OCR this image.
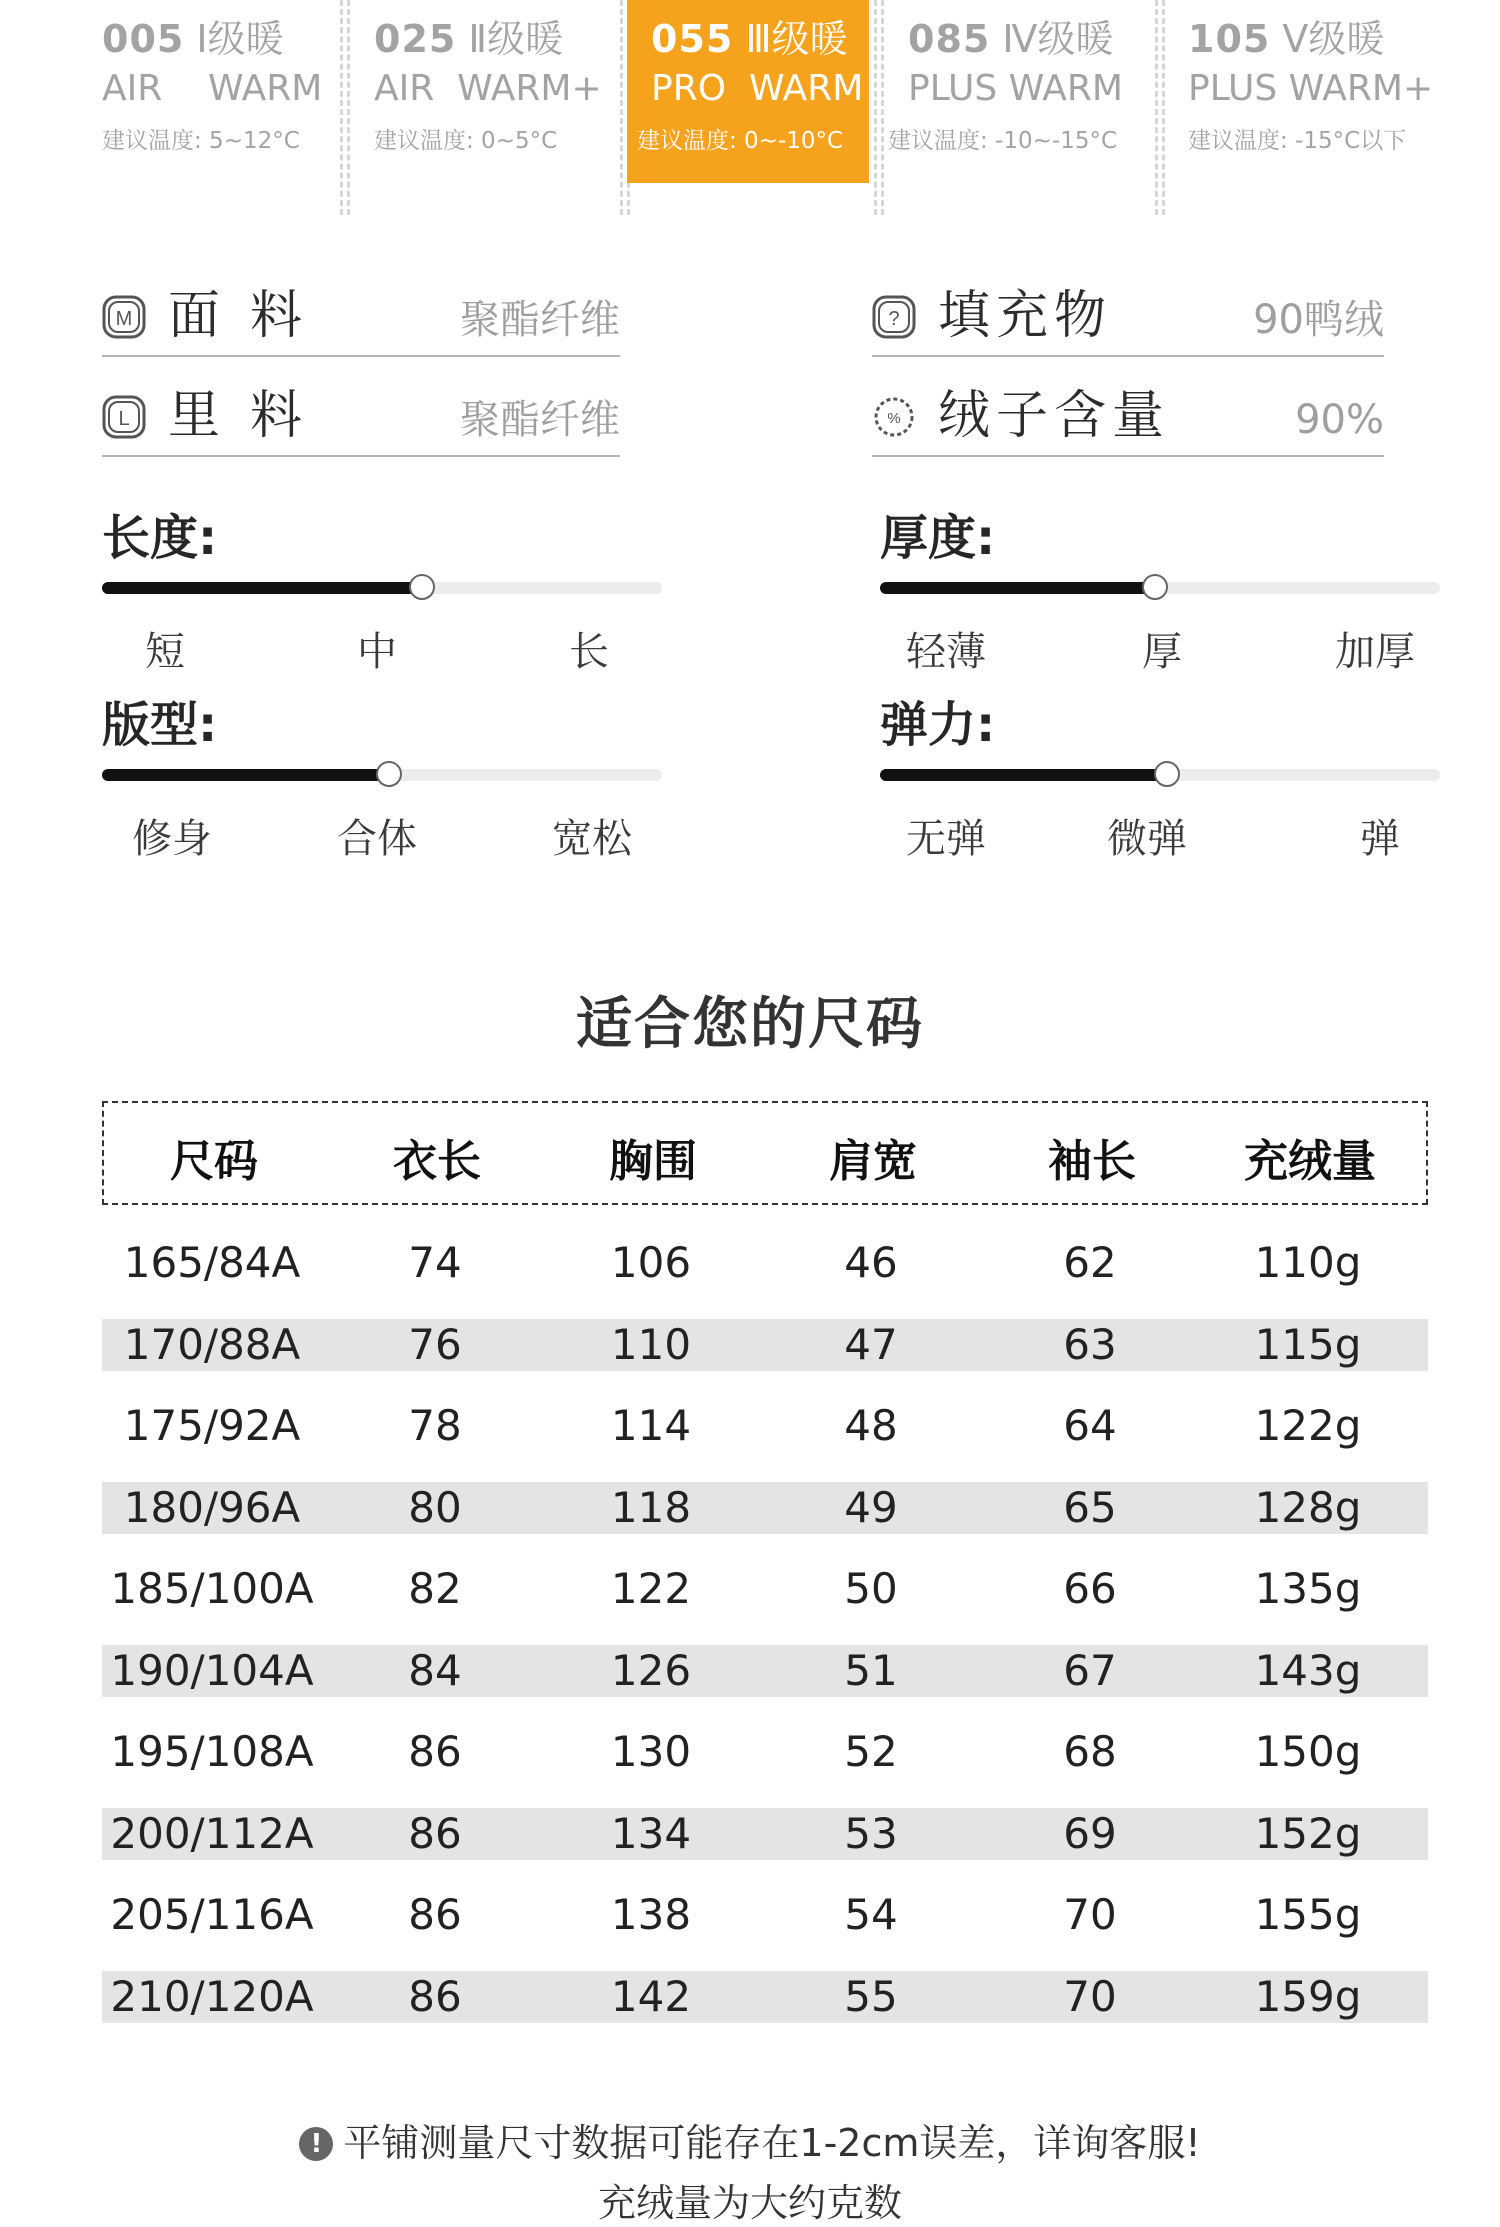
005 Ⅰ级暖
AIR    WARM
建议温度: 5~12°C
025 Ⅱ级暖
AIR  WARM+
建议温度: 0~5°C
055 Ⅲ级暖
PRO  WARM
建议温度: 0~-10°C
085 Ⅳ级暖
PLUS WARM
建议温度: -10~-15°C
105 Ⅴ级暖
PLUS WARM+
建议温度: -15°C以下
M 面料	聚酯纤维
L 里料	聚酯纤维
? 填充物	90鸭绒
% 绒子含量	90%
长度:
短	中	长
厚度:
轻薄	厚	加厚
版型:
修身	合体	宽松
弹力:
无弹	微弹	弹
适合您的尺码
尺码	衣长	胸围	肩宽	袖长 充绒量
165/84A	74	106	46	62	110g
170/88A	76	110	47	63	115g
175/92A	78	114	48	64	122g
180/96A	80	118	49	65	128g
185/100A 82	122	50	66	135g
190/104A 84	126	51	67	143g
195/108A 86	130	52	68	150g
200/112A 86	134	53	69	152g
205/116A 86	138	54	70	155g
210/120A 86	142	55	70	159g
! 平铺测量尺寸数据可能存在1-2cm误差，详询客服!
充绒量为大约克数
